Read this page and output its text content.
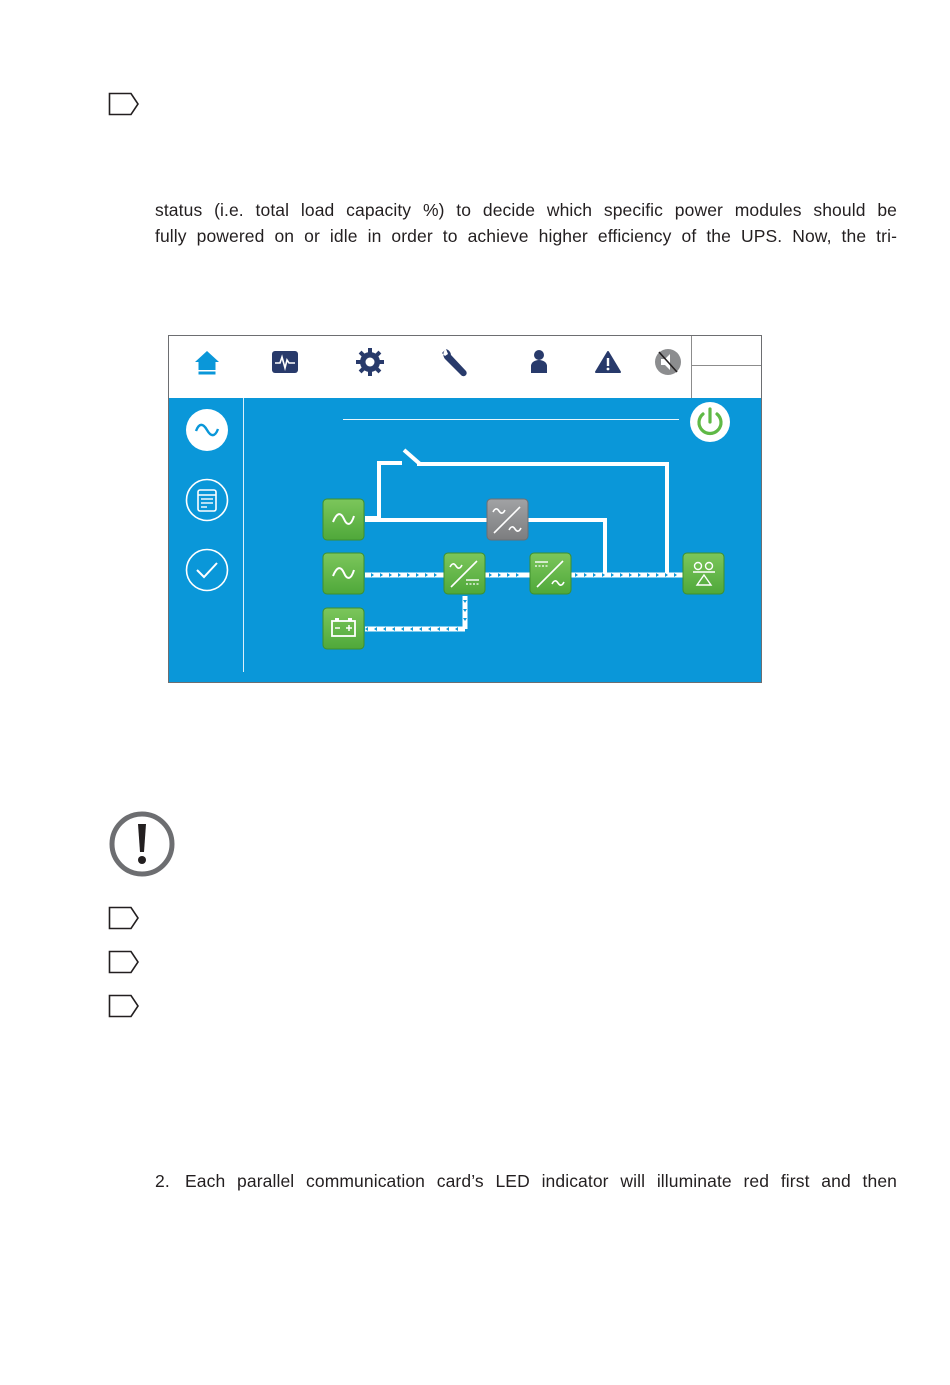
status (i.e. total load capacity %) to decide which specific power modules should be

fully powered on or idle in order to achieve higher efficiency of the UPS. Now, the tri-

2. Each parallel communication card’s LED indicator will illuminate red first and then
